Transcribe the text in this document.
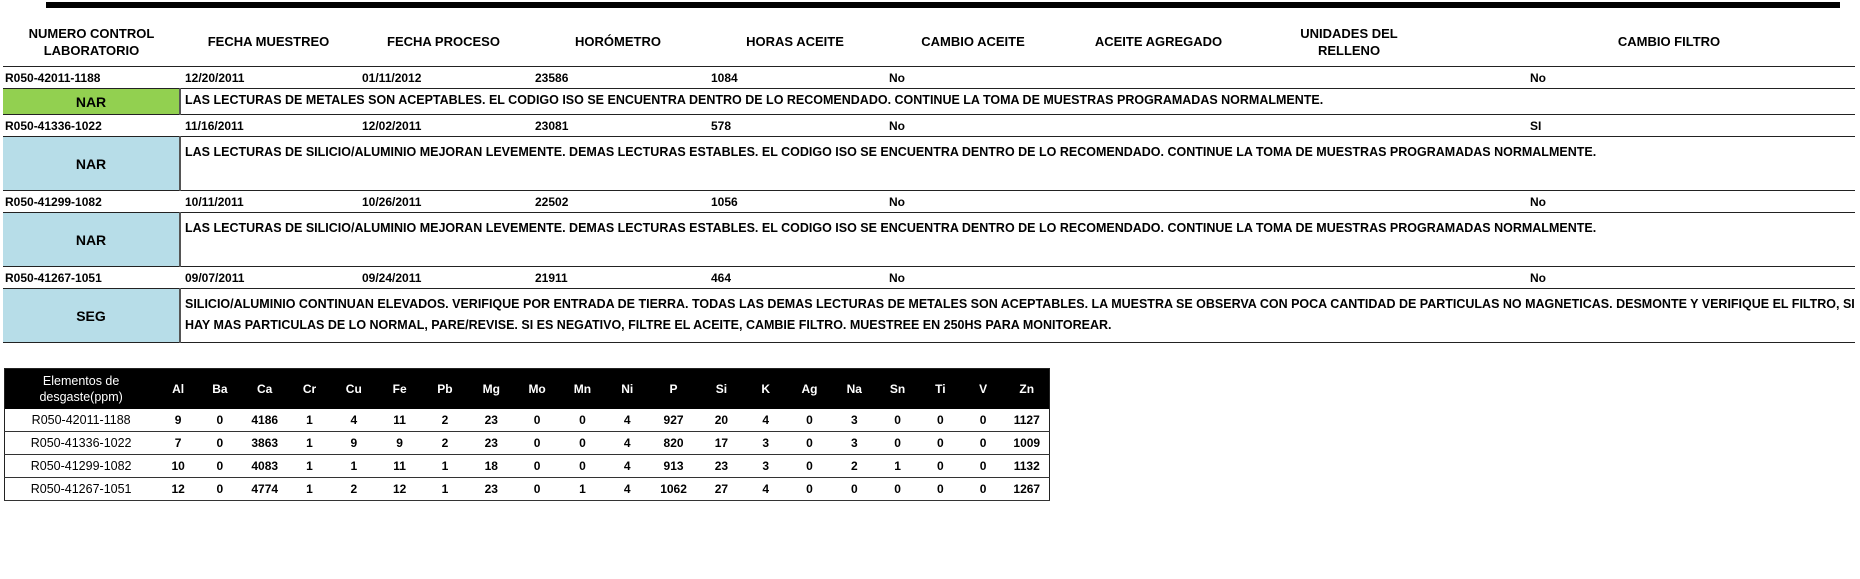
NUMERO CONTROL LABORATORIO	FECHA MUESTREO	FECHA PROCESO	HORÓMETRO	HORAS ACEITE	CAMBIO ACEITE	ACEITE AGREGADO	UNIDADES DEL RELLENO	CAMBIO FILTRO
R050-42011-1188	12/20/2011	01/11/2012	23586	1084	No			No
NAR	LAS LECTURAS DE METALES SON ACEPTABLES. EL CODIGO ISO SE ENCUENTRA DENTRO DE LO RECOMENDADO. CONTINUE LA TOMA DE MUESTRAS PROGRAMADAS NORMALMENTE.							
R050-41336-1022	11/16/2011	12/02/2011	23081	578	No			SI
NAR	LAS LECTURAS DE SILICIO/ALUMINIO MEJORAN LEVEMENTE. DEMAS LECTURAS ESTABLES. EL CODIGO ISO SE ENCUENTRA DENTRO DE LO RECOMENDADO. CONTINUE LA TOMA DE MUESTRAS PROGRAMADAS NORMALMENTE.							
R050-41299-1082	10/11/2011	10/26/2011	22502	1056	No			No
NAR	LAS LECTURAS DE SILICIO/ALUMINIO MEJORAN LEVEMENTE. DEMAS LECTURAS ESTABLES. EL CODIGO ISO SE ENCUENTRA DENTRO DE LO RECOMENDADO. CONTINUE LA TOMA DE MUESTRAS PROGRAMADAS NORMALMENTE.							
R050-41267-1051	09/07/2011	09/24/2011	21911	464	No			No
SEG	SILICIO/ALUMINIO CONTINUAN ELEVADOS. VERIFIQUE POR ENTRADA DE TIERRA. TODAS LAS DEMAS LECTURAS DE METALES SON ACEPTABLES. LA MUESTRA SE OBSERVA CON POCA CANTIDAD DE PARTICULAS NO MAGNETICAS. DESMONTE Y VERIFIQUE EL FILTRO, SI HAY MAS PARTICULAS DE LO NORMAL, PARE/REVISE. SI ES NEGATIVO, FILTRE EL ACEITE, CAMBIE FILTRO. MUESTREE EN 250HS PARA MONITOREAR.							
Elementos de desgaste(ppm)	Al	Ba	Ca	Cr	Cu	Fe	Pb	Mg	Mo	Mn	Ni	P	Si	K	Ag	Na	Sn	Ti	V	Zn
R050-42011-1188	9	0	4186	1	4	11	2	23	0	0	4	927	20	4	0	3	0	0	0	1127
R050-41336-1022	7	0	3863	1	9	9	2	23	0	0	4	820	17	3	0	3	0	0	0	1009
R050-41299-1082	10	0	4083	1	1	11	1	18	0	0	4	913	23	3	0	2	1	0	0	1132
R050-41267-1051	12	0	4774	1	2	12	1	23	0	1	4	1062	27	4	0	0	0	0	0	1267
